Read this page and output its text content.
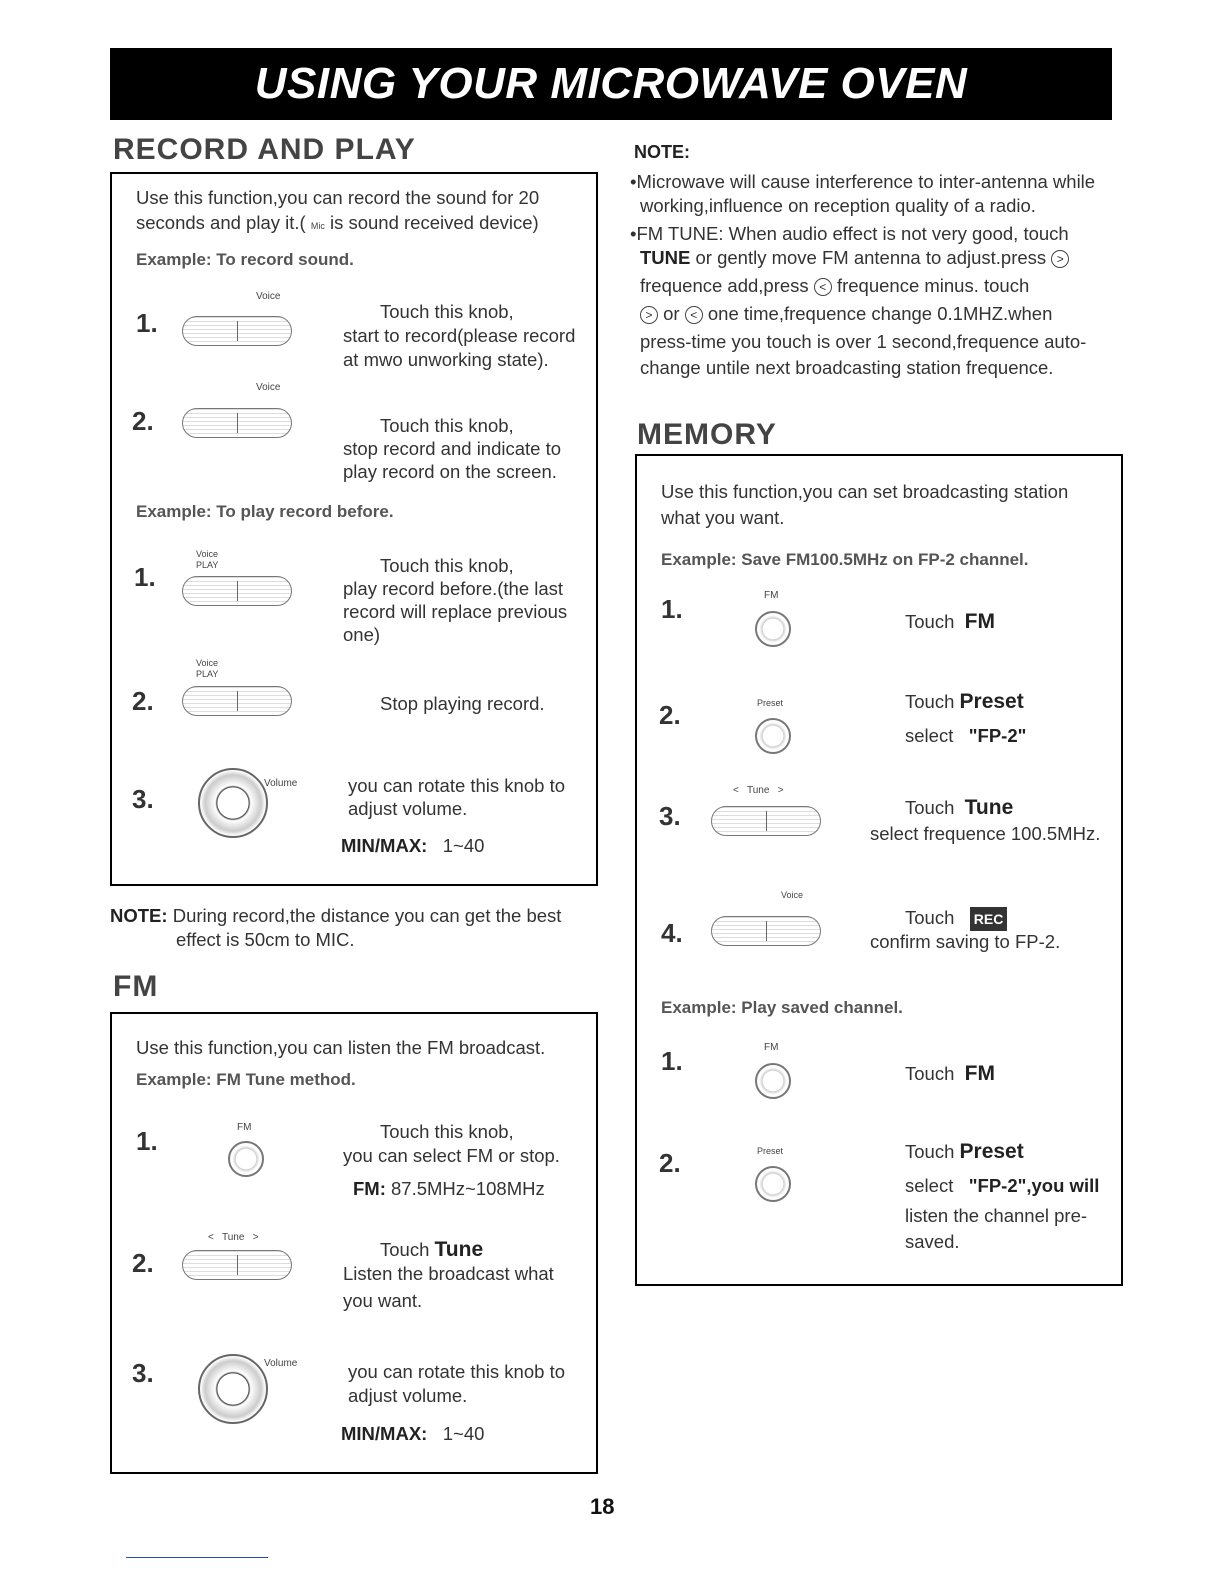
USING YOUR MICROWAVE OVEN
RECORD AND PLAY
Use this function,you can record the sound for 20
seconds and play it.( Mic is sound received device)
Example: To record sound.
1.
Voice
Touch this knob,
start to record(please record
at mwo unworking state).
2.
Voice
Touch this knob,
stop record and indicate to
play record on the screen.
Example: To play record before.
1.
Voice
PLAY	Touch this knob,
play record before.(the last
record will replace previous
one)
2.
Voice
PLAY
Stop playing record.
3.
Volume	you can rotate this knob to
adjust volume.
MIN/MAX: 1~40
NOTE: During record,the distance you can get the best
effect is 50cm to MIC.
FM
Use this function,you can listen the FM broadcast.
Example: FM Tune method.
1.	FM	Touch this knob,
you can select FM or stop.
FM: 87.5MHz~108MHz
2.
<   Tune   >
Touch Tune
Listen the broadcast what
you want.
3.	Volume	you can rotate this knob to
adjust volume.
MIN/MAX: 1~40
NOTE:
•Microwave will cause interference to inter-antenna while
working,influence on reception quality of a radio.
•FM TUNE: When audio effect is not very good, touch
TUNE or gently move FM antenna to adjust.press >
frequence add,press < frequence minus. touch
> or < one time,frequence change 0.1MHZ.when
press-time you touch is over 1 second,frequence auto-
change untile next broadcasting station frequence.
MEMORY
Use this function,you can set broadcasting station
what you want.
Example: Save FM100.5MHz on FP-2 channel.
1.	FM
Touch FM
2.	Preset	Touch Preset
select "FP-2"
3.
<   Tune   >
Touch Tune
select frequence 100.5MHz.
4.
Voice
Touch REC
confirm saving to FP-2.
Example: Play saved channel.
1.	FM
Touch FM
2.	Preset	Touch Preset
select "FP-2",you will
listen the channel pre-
saved.
18
